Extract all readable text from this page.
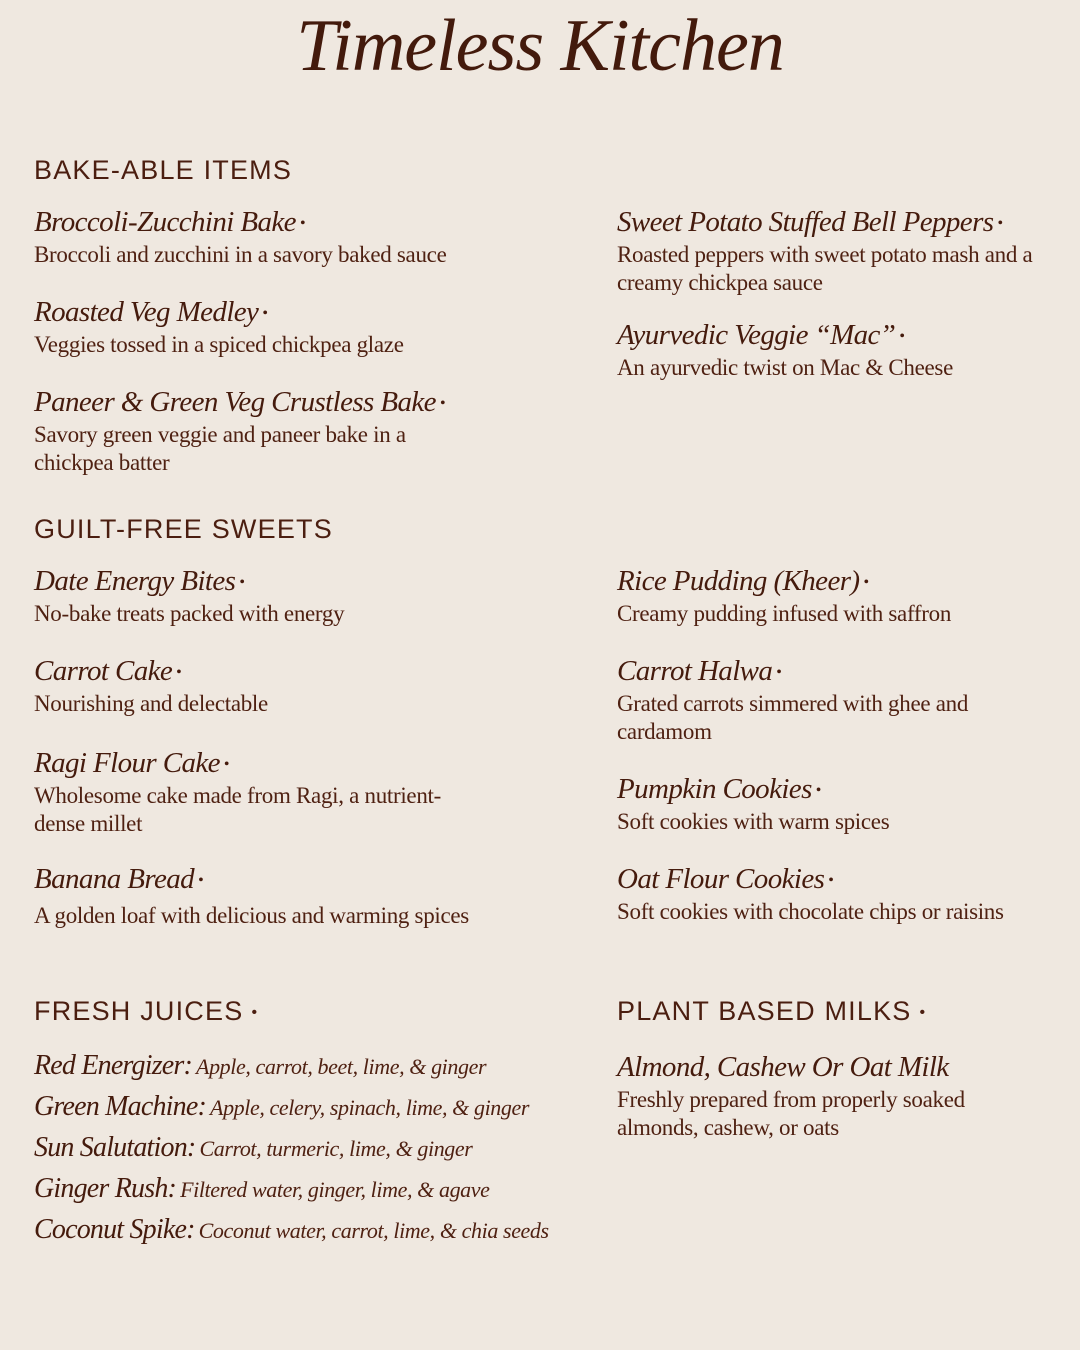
Timeless Kitchen
BAKE-ABLE ITEMS
Broccoli-Zucchini Bake •
Broccoli and zucchini in a savory baked sauce
Roasted Veg Medley •
Veggies tossed in a spiced chickpea glaze
Paneer & Green Veg Crustless Bake •
Savory green veggie and paneer bake in a chickpea batter
Sweet Potato Stuffed Bell Peppers •
Roasted peppers with sweet potato mash and a creamy chickpea sauce
Ayurvedic Veggie “Mac” •
An ayurvedic twist on Mac & Cheese
GUILT-FREE SWEETS
Date Energy Bites •
No-bake treats packed with energy
Carrot Cake •
Nourishing and delectable
Ragi Flour Cake •
Wholesome cake made from Ragi, a nutrient-dense millet
Banana Bread •
A golden loaf with delicious and warming spices
Rice Pudding (Kheer) •
Creamy pudding infused with saffron
Carrot Halwa •
Grated carrots simmered with ghee and cardamom
Pumpkin Cookies •
Soft cookies with warm spices
Oat Flour Cookies •
Soft cookies with chocolate chips or raisins
FRESH JUICES •
Red Energizer: Apple, carrot, beet, lime, & ginger
Green Machine: Apple, celery, spinach, lime, & ginger
Sun Salutation: Carrot, turmeric, lime, & ginger
Ginger Rush: Filtered water, ginger, lime, & agave
Coconut Spike: Coconut water, carrot, lime, & chia seeds
PLANT BASED MILKS •
Almond, Cashew Or Oat Milk
Freshly prepared from properly soaked almonds, cashew, or oats
